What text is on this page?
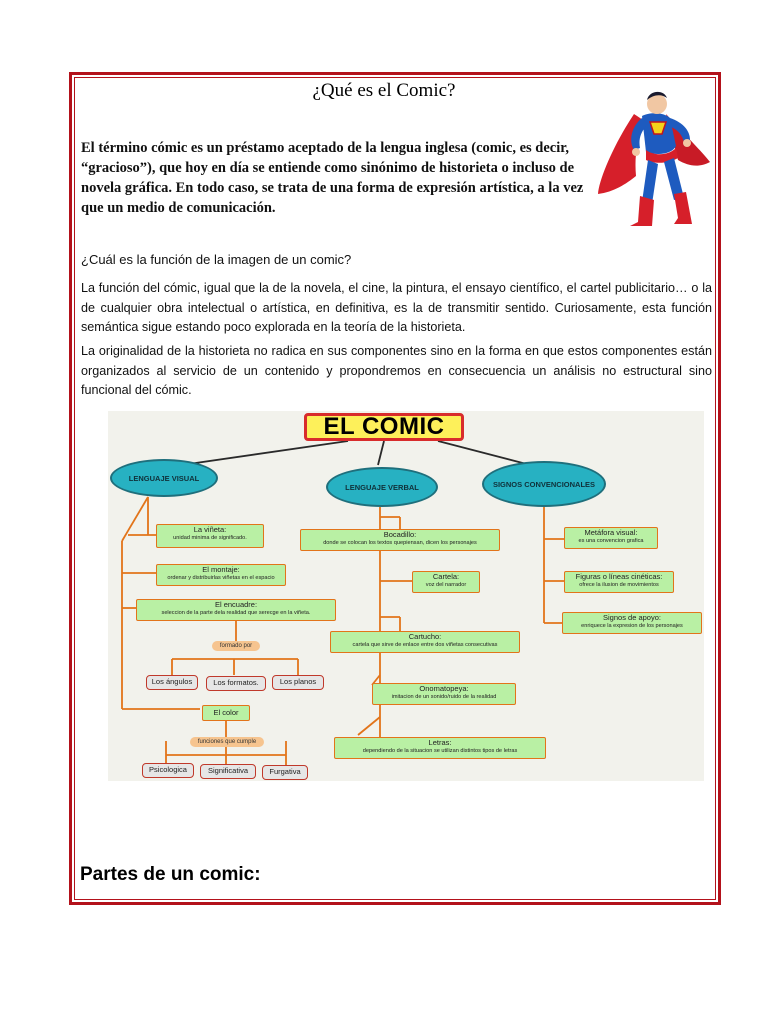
¿Qué es el Comic?
El término cómic es un préstamo aceptado de la lengua inglesa (comic, es decir, “gracioso”), que hoy en día se entiende como sinónimo de historieta o incluso de novela gráfica. En todo caso, se trata de una forma de expresión artística, a la vez que un medio de comunicación.
¿Cuál es la función de la imagen de un comic?
La función del cómic, igual que la de la novela, el cine, la pintura, el ensayo científico, el cartel publicitario… o la de cualquier obra intelectual o artística, en definitiva, es la de transmitir sentido. Curiosamente, esta función semántica sigue estando poco explorada en la teoría de la historieta.
La originalidad de la historieta no radica en sus componentes sino en la forma en que estos componentes están organizados al servicio de un contenido y propondremos en consecuencia un análisis no estructural sino funcional del cómic.
EL COMIC
LENGUAJE VISUAL
LENGUAJE VERBAL	SIGNOS CONVENCIONALES
La viñeta:
unidad minima de significado.
El montaje:
ordenar y distribuirlas viñetas en el espacio
El encuadre:
seleccion de la parte dela realidad que serecge en la viñeta.
formado por
Los ángulos	Los formatos.	Los planos
El color
funciones que cumple
Psicologica	Significativa	Furgativa
Bocadillo:
donde se colocan los textos quepiensan, dicen los personajes
Cartela:
voz del narrador
Cartucho:
cartela que sirve de enlace entre dos viñetas consecutivas
Onomatopeya:
imitacion de un sonido/ruido de la realidad
Letras:
dependiendo de la situacion se utilizan distintos tipos de letras
Metáfora visual:
es una convencion grafica
Figuras o líneas cinéticas:
ofrece la ilusion de movimientos
Signos de apoyo:
enriquece la expresion de los personajes
Partes de un comic:
